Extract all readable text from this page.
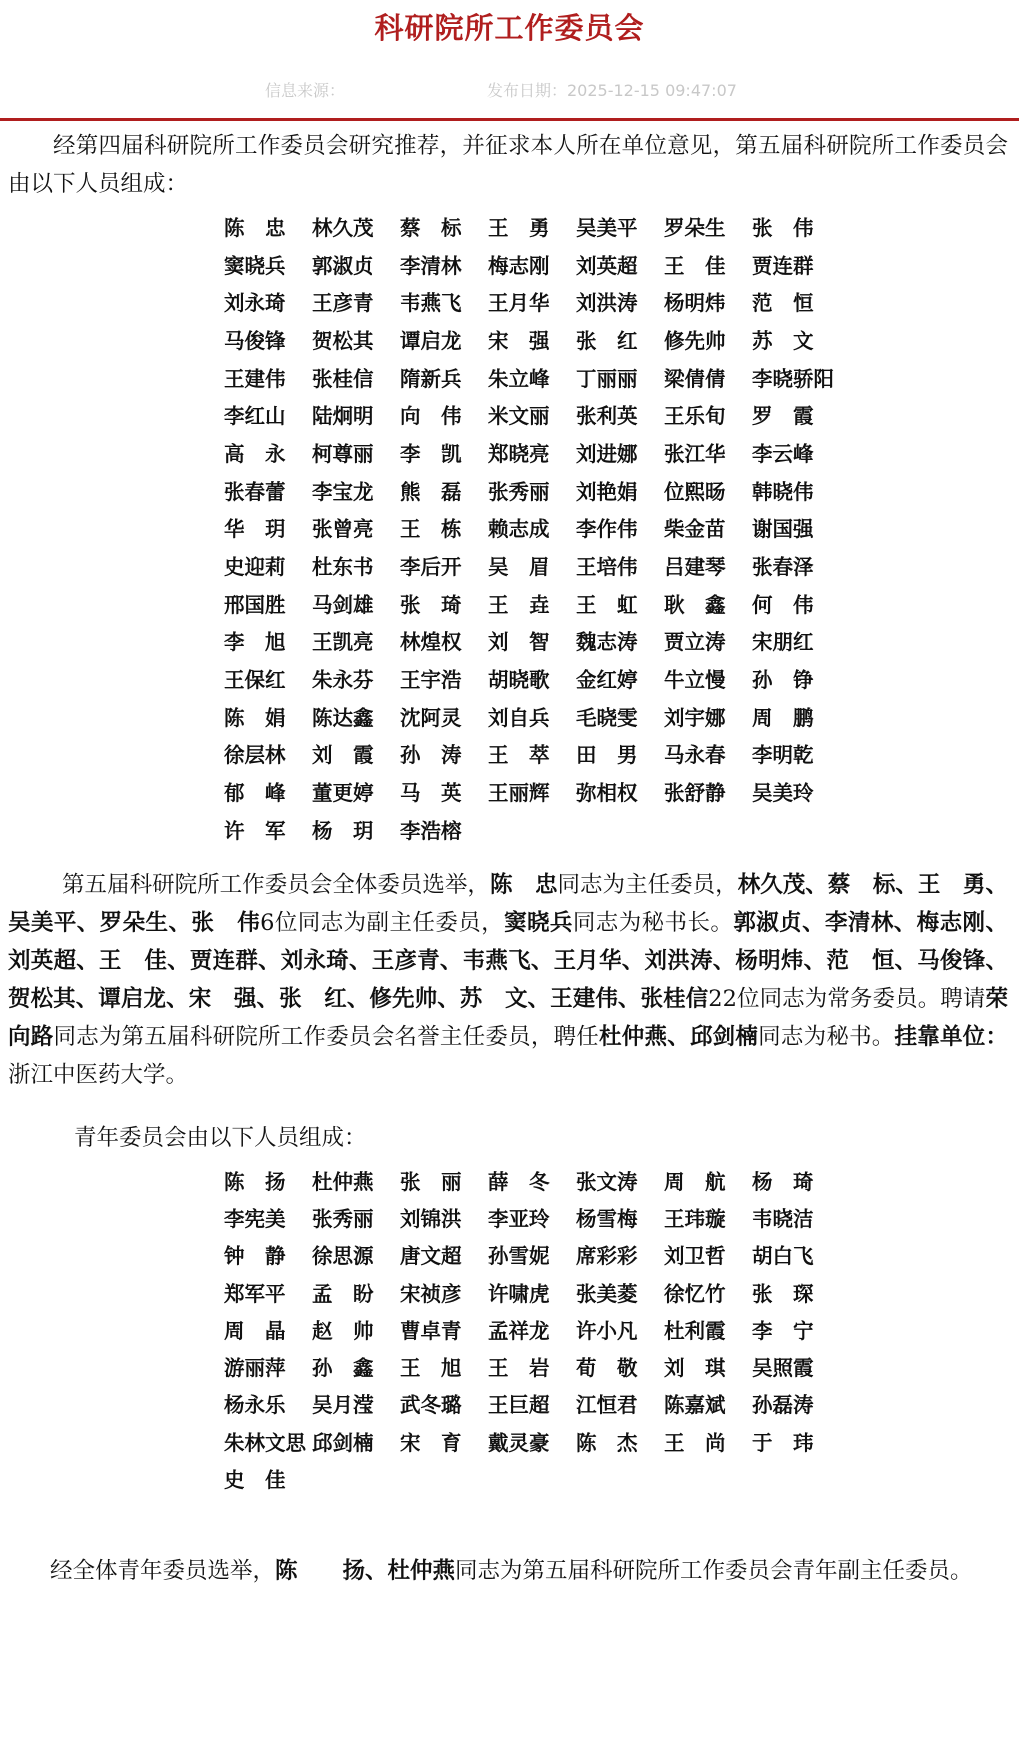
科研院所工作委员会
信息来源：	发布日期：2025-12-15 09:47:07
经第四届科研院所工作委员会研究推荐，并征求本人所在单位意见，第五届科研院所工作委员会由以下人员组成：
陈　忠	林久茂	蔡　标	王　勇	吴美平	罗朵生	张　伟
窦晓兵	郭淑贞	李清林	梅志刚	刘英超	王　佳	贾连群
刘永琦	王彦青	韦燕飞	王月华	刘洪涛	杨明炜	范　恒
马俊锋	贺松其	谭启龙	宋　强	张　红	修先帅	苏　文
王建伟	张桂信	隋新兵	朱立峰	丁丽丽	梁倩倩	李晓骄阳
李红山	陆炯明	向　伟	米文丽	张利英	王乐旬	罗　霞
高　永	柯尊丽	李　凯	郑晓亮	刘进娜	张江华	李云峰
张春蕾	李宝龙	熊　磊	张秀丽	刘艳娟	位熙旸	韩晓伟
华　玥	张曾亮	王　栋	赖志成	李作伟	柴金苗	谢国强
史迎莉	杜东书	李后开	吴　眉	王培伟	吕建琴	张春泽
邢国胜	马剑雄	张　琦	王　垚	王　虹	耿　鑫	何　伟
李　旭	王凯亮	林煌权	刘　智	魏志涛	贾立涛	宋朋红
王保红	朱永芬	王宇浩	胡晓歌	金红婷	牛立慢	孙　铮
陈　娟	陈达鑫	沈阿灵	刘自兵	毛晓雯	刘宇娜	周　鹏
徐层林	刘　霞	孙　涛	王　萃	田　男	马永春	李明乾
郁　峰	董更婷	马　英	王丽辉	弥相权	张舒静	吴美玲
许　军	杨　玥	李浩榕
第五届科研院所工作委员会全体委员选举，陈　忠同志为主任委员，林久茂、蔡　标、王　勇、吴美平、罗朵生、张　伟6位同志为副主任委员，窦晓兵同志为秘书长。郭淑贞、李清林、梅志刚、刘英超、王　佳、贾连群、刘永琦、王彦青、韦燕飞、王月华、刘洪涛、杨明炜、范　恒、马俊锋、贺松其、谭启龙、宋　强、张　红、修先帅、苏　文、王建伟、张桂信22位同志为常务委员。聘请荣向路同志为第五届科研院所工作委员会名誉主任委员，聘任杜仲燕、邱剑楠同志为秘书。挂靠单位：浙江中医药大学。
青年委员会由以下人员组成：
陈　扬	杜仲燕	张　丽	薛　冬	张文涛	周　航	杨　琦
李宪美	张秀丽	刘锦洪	李亚玲	杨雪梅	王玮璇	韦晓洁
钟　静	徐思源	唐文超	孙雪妮	席彩彩	刘卫哲	胡白飞
郑军平	孟　盼	宋祯彦	许啸虎	张美菱	徐忆竹	张　琛
周　晶	赵　帅	曹卓青	孟祥龙	许小凡	杜利霞	李　宁
游丽萍	孙　鑫	王　旭	王　岩	荀　敬	刘　琪	吴照霞
杨永乐	吴月滢	武冬璐	王巨超	江恒君	陈嘉斌	孙磊涛
朱林文思 邱剑楠	宋　育	戴灵豪	陈　杰	王　尚	于　玮
史　佳
经全体青年委员选举，陈　　扬、杜仲燕同志为第五届科研院所工作委员会青年副主任委员。
